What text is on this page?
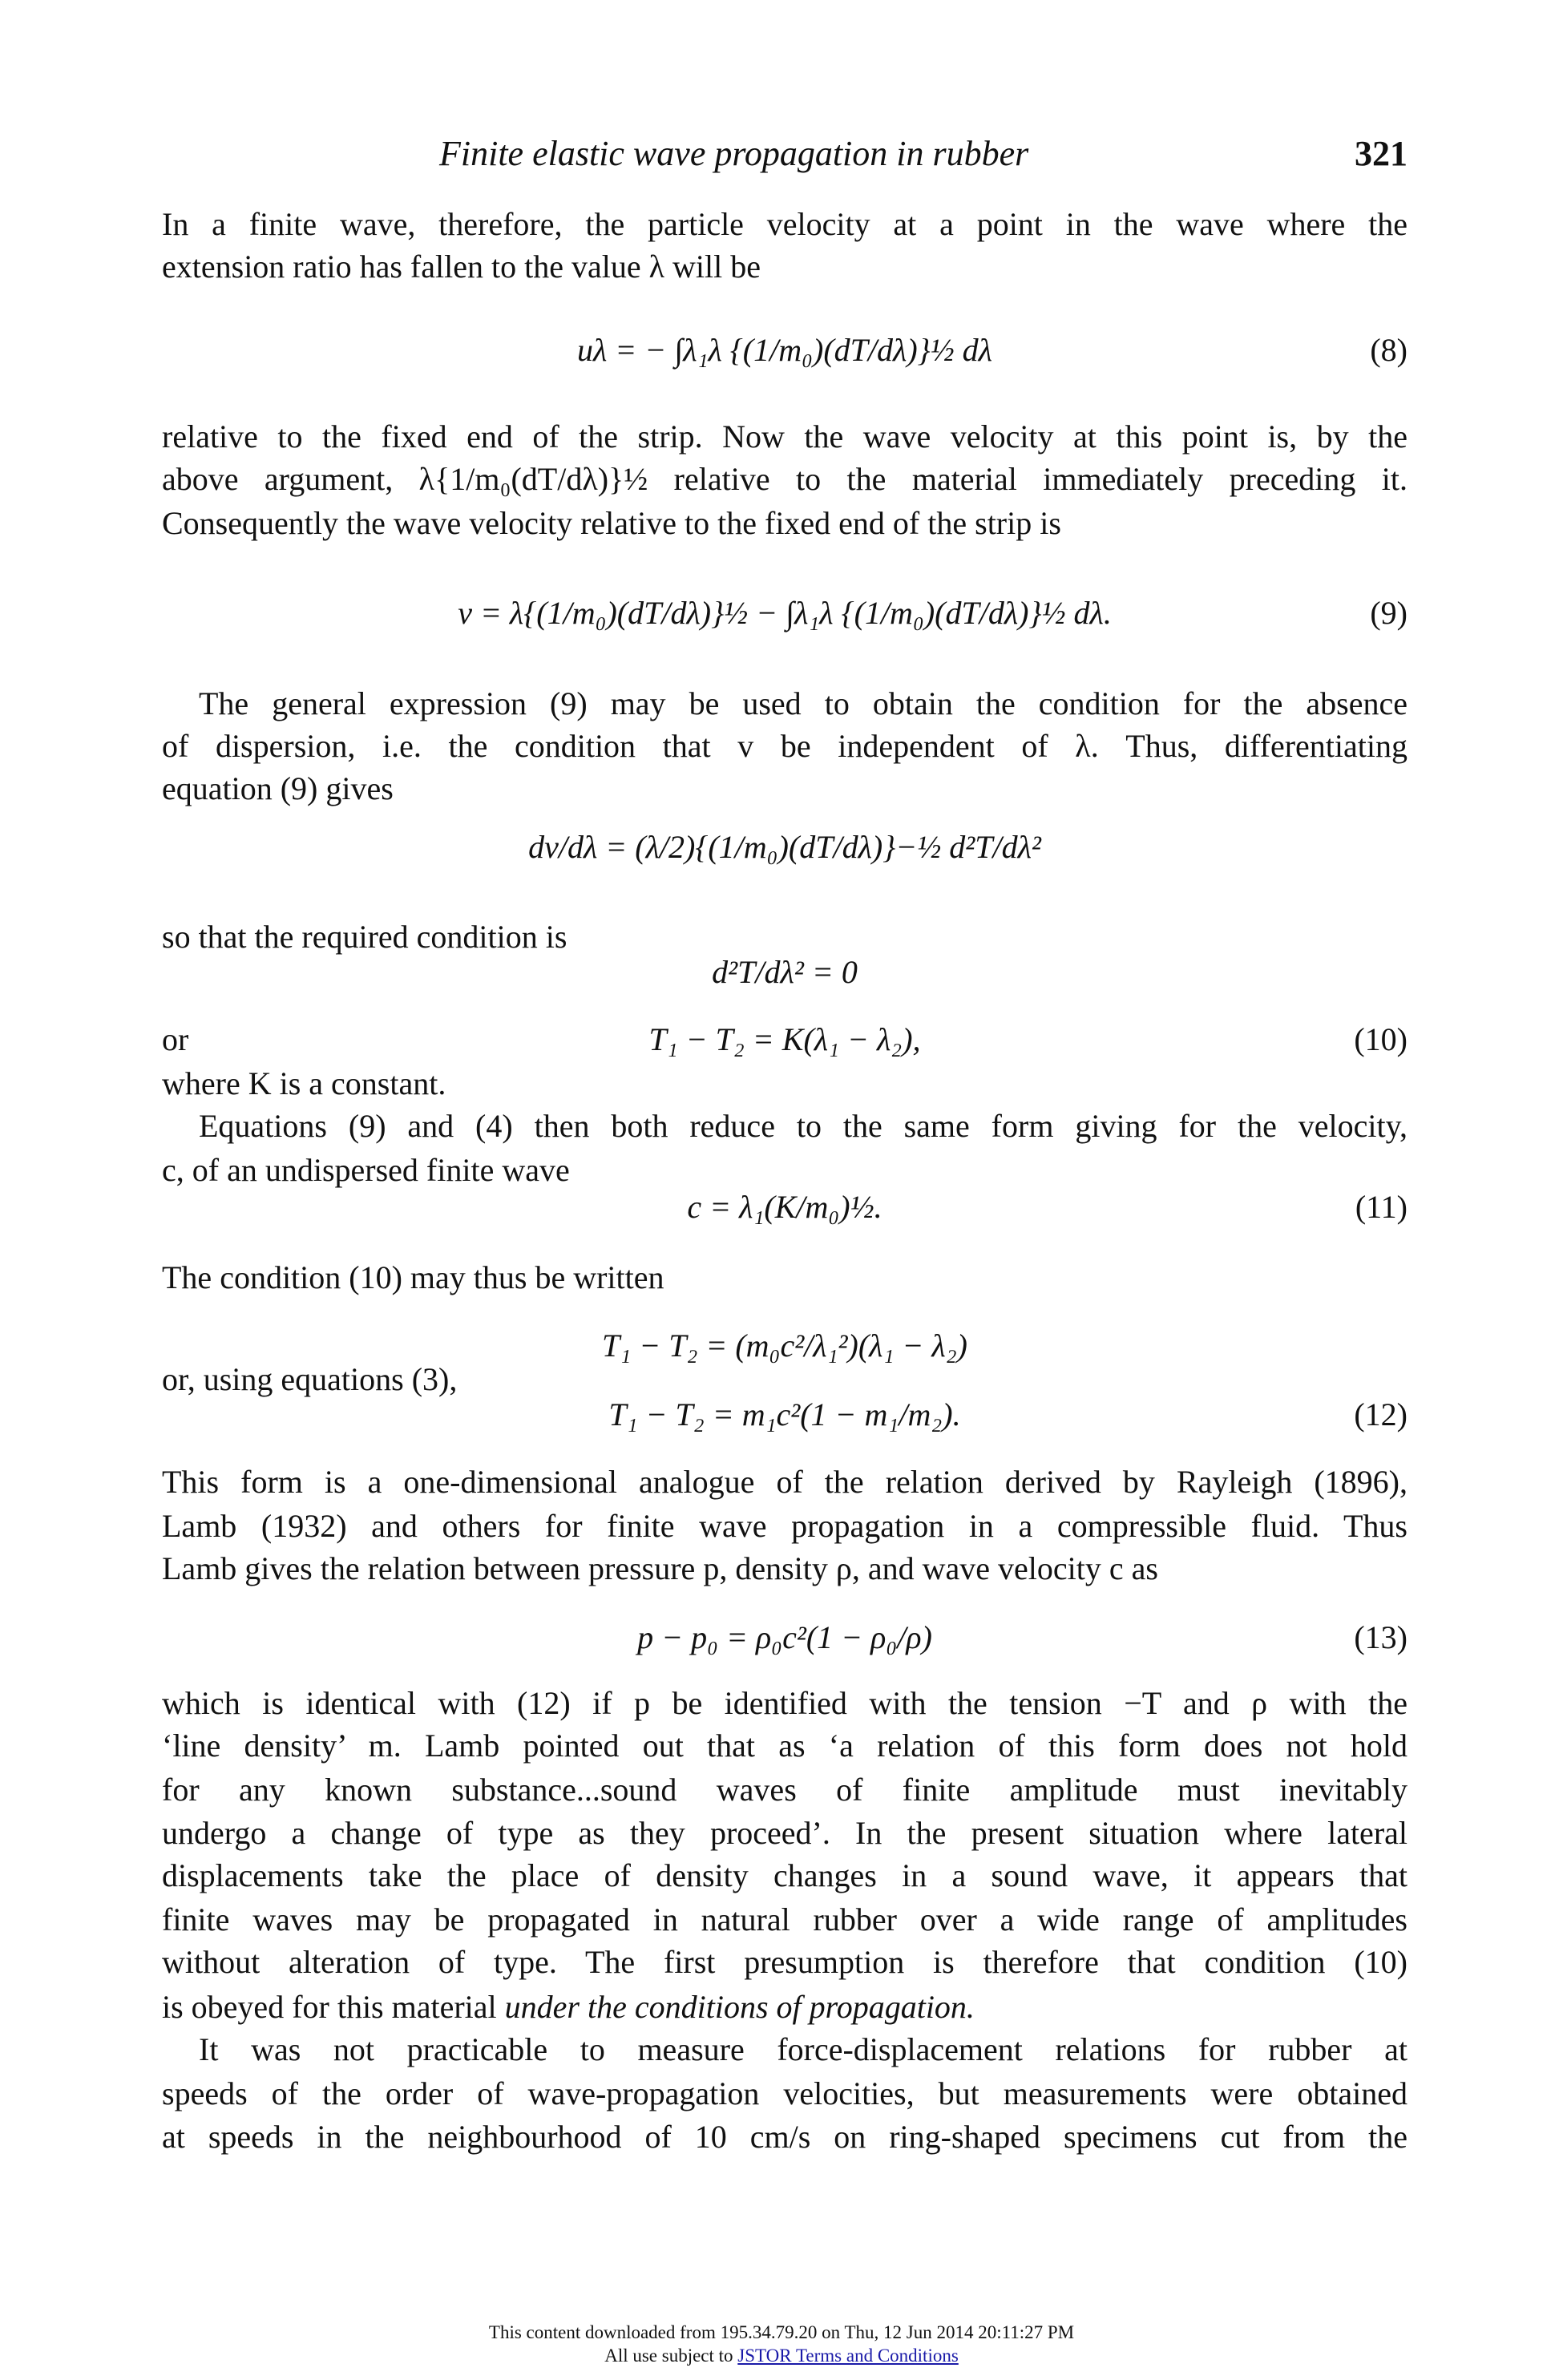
Finite elastic wave propagation in rubber	321
In a finite wave, therefore, the particle velocity at a point in the wave where the
extension ratio has fallen to the value λ will be
relative to the fixed end of the strip. Now the wave velocity at this point is, by the
above argument, λ{1/m₀(dT/dλ)}½ relative to the material immediately preceding it.
Consequently the wave velocity relative to the fixed end of the strip is
The general expression (9) may be used to obtain the condition for the absence
of dispersion, i.e. the condition that v be independent of λ. Thus, differentiating
equation (9) gives
so that the required condition is
or
where K is a constant.
Equations (9) and (4) then both reduce to the same form giving for the velocity,
c, of an undispersed finite wave
The condition (10) may thus be written
or, using equations (3),
This form is a one-dimensional analogue of the relation derived by Rayleigh (1896),
Lamb (1932) and others for finite wave propagation in a compressible fluid. Thus
Lamb gives the relation between pressure p, density ρ, and wave velocity c as
which is identical with (12) if p be identified with the tension −T and ρ with the
‘line density’ m. Lamb pointed out that as ‘a relation of this form does not hold
for any known substance...sound waves of finite amplitude must inevitably
undergo a change of type as they proceed’. In the present situation where lateral
displacements take the place of density changes in a sound wave, it appears that
finite waves may be propagated in natural rubber over a wide range of amplitudes
without alteration of type. The first presumption is therefore that condition (10)
is obeyed for this material under the conditions of propagation.
It was not practicable to measure force-displacement relations for rubber at
speeds of the order of wave-propagation velocities, but measurements were obtained
at speeds in the neighbourhood of 10 cm/s on ring-shaped specimens cut from the
uλ = − ∫λ₁λ {(1/m₀)(dT/dλ)}½ dλ	(8)
v = λ{(1/m₀)(dT/dλ)}½ − ∫λ₁λ {(1/m₀)(dT/dλ)}½ dλ.	(9)
dv/dλ = (λ/2){(1/m₀)(dT/dλ)}−½ d²T/dλ²
d²T/dλ² = 0
T₁ − T₂ = K(λ₁ − λ₂),	(10)
c = λ₁(K/m₀)½.	(11)
T₁ − T₂ = (m₀c²/λ₁²)(λ₁ − λ₂)
T₁ − T₂ = m₁c²(1 − m₁/m₂).	(12)
p − p₀ = ρ₀c²(1 − ρ₀/ρ)	(13)
This content downloaded from 195.34.79.20 on Thu, 12 Jun 2014 20:11:27 PM
All use subject to JSTOR Terms and Conditions
